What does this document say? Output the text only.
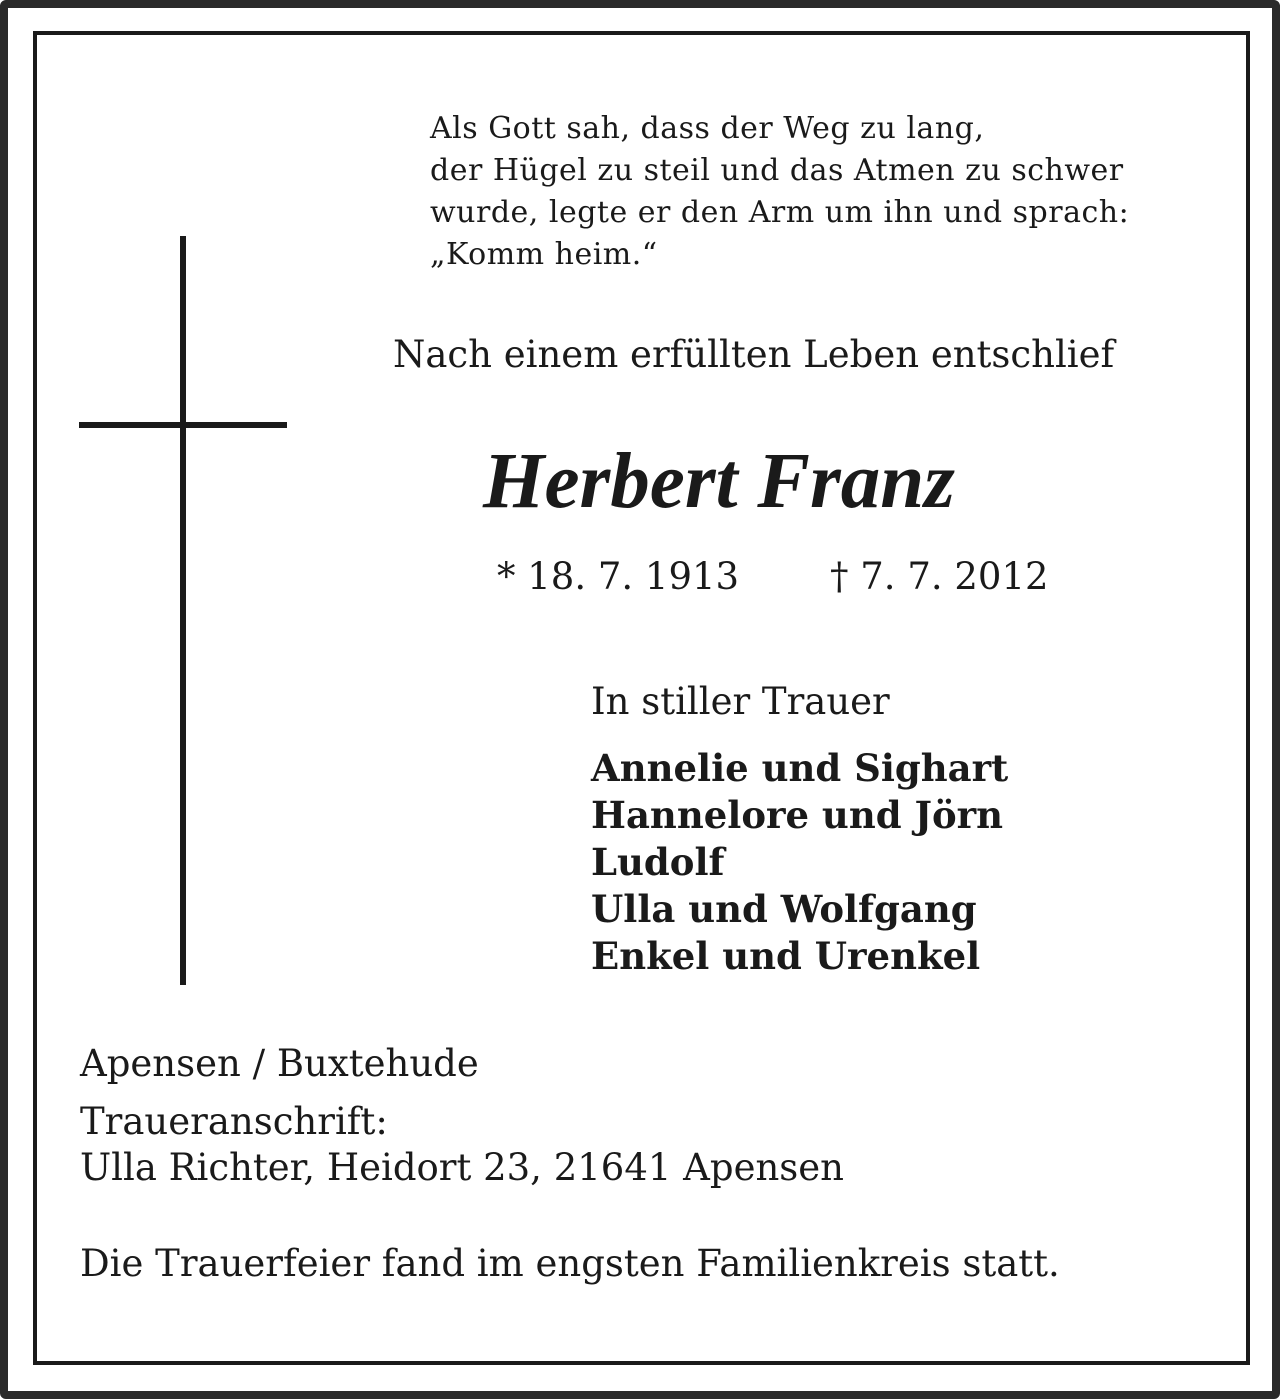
Als Gott sah, dass der Weg zu lang,
der Hügel zu steil und das Atmen zu schwer
wurde, legte er den Arm um ihn und sprach:
„Komm heim.“
Nach einem erfüllten Leben entschlief
Herbert Franz
* 18. 7. 1913 † 7. 7. 2012
In stiller Trauer
Annelie und Sighart
Hannelore und Jörn
Ludolf
Ulla und Wolfgang
Enkel und Urenkel
Apensen / Buxtehude
Traueranschrift:
Ulla Richter, Heidort 23, 21641 Apensen
Die Trauerfeier fand im engsten Familienkreis statt.
